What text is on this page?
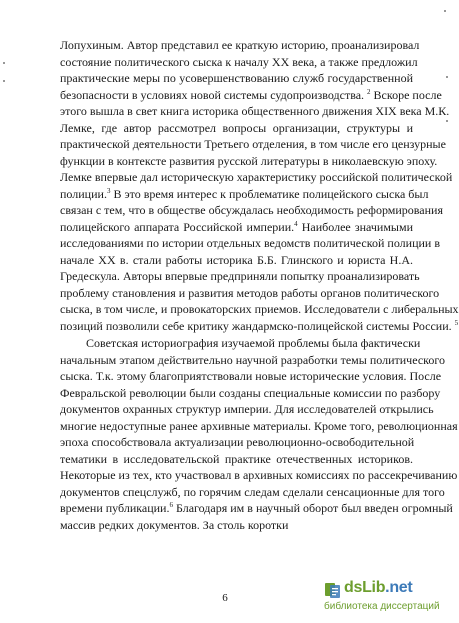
Лопухиным. Автор представил ее краткую историю, проанализировал
состояние политического сыска к началу XX века, а также предложил
практические меры по усовершенствованию служб государственной
безопасности в условиях новой системы судопроизводства. $^2$ Вскоре после
этого вышла в свет книга историка общественного движения XIX века М.К.
Лемке, где автор рассмотрел вопросы организации, структуры и
практической деятельности Третьего отделения, в том числе его цензурные
функции в контексте развития русской литературы в николаевскую эпоху.
Лемке впервые дал историческую характеристику российской политической
полиции.$^3$ В это время интерес к проблематике полицейского сыска был
связан с тем, что в обществе обсуждалась необходимость реформирования
полицейского аппарата Российской империи.$^4$ Наиболее значимыми
исследованиями по истории отдельных ведомств политической полиции в
начале XX в. стали работы историка Б.Б. Глинского и юриста Н.А.
Гредескула. Авторы впервые предприняли попытку проанализировать
проблему становления и развития методов работы органов политического
сыска, в том числе, и провокаторских приемов. Исследователи с либеральных
позиций позволили себе критику жандармско-полицейской системы России. $^5$
Советская историография изучаемой проблемы была фактически
начальным этапом действительно научной разработки темы политического
сыска. Т.к. этому благоприятствовали новые исторические условия. После
Февральской революции были созданы специальные комиссии по разбору
документов охранных структур империи. Для исследователей открылись
многие недоступные ранее архивные материалы. Кроме того, революционная
эпоха способствовала актуализации революционно-освободительной
тематики в исследовательской практике отечественных историков.
Некоторые из тех, кто участвовал в архивных комиссиях по рассекречиванию
документов спецслужб, по горячим следам сделали сенсационные для того
времени публикации.$^6$ Благодаря им в научный оборот был введен огромный
массив редких документов. За столь коротки
6
dsLib.net
библиотека диссертаций
